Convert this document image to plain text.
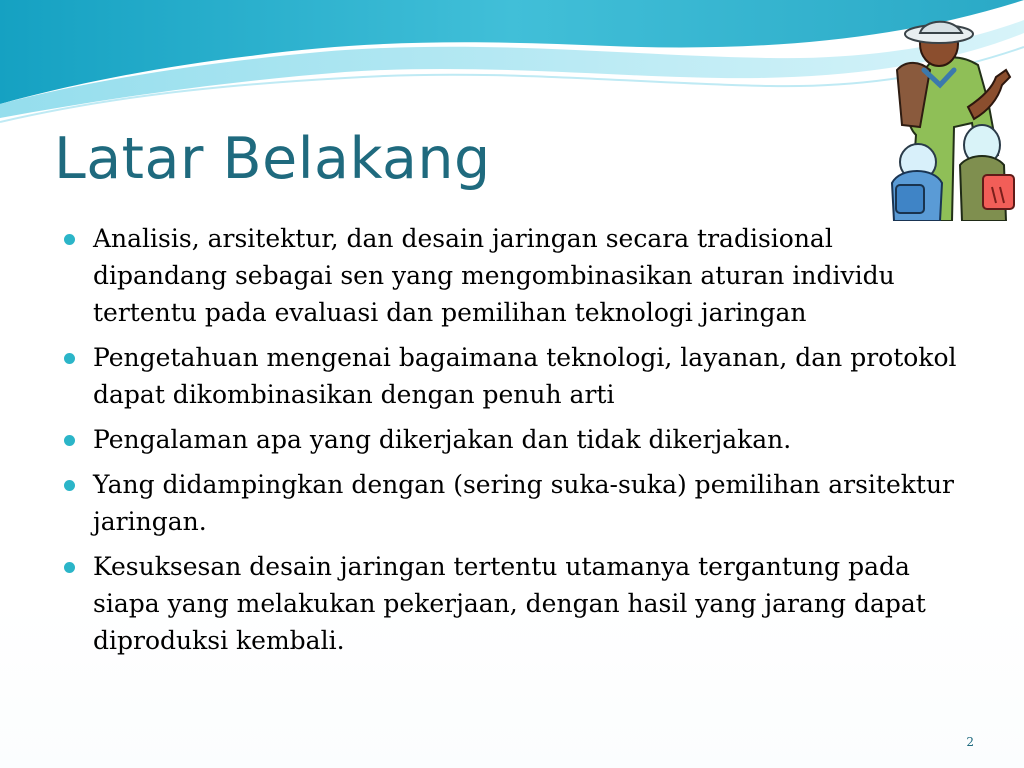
Latar Belakang
Analisis, arsitektur, dan desain jaringan secara tradisional dipandang sebagai sen yang mengombinasikan aturan individu tertentu pada evaluasi dan pemilihan teknologi jaringan
Pengetahuan mengenai bagaimana teknologi, layanan, dan protokol dapat dikombinasikan dengan penuh arti
Pengalaman apa yang dikerjakan dan tidak dikerjakan.
Yang didampingkan dengan (sering suka-suka) pemilihan arsitektur jaringan.
Kesuksesan desain jaringan tertentu utamanya tergantung pada siapa yang melakukan pekerjaan, dengan hasil yang jarang dapat diproduksi kembali.
2
